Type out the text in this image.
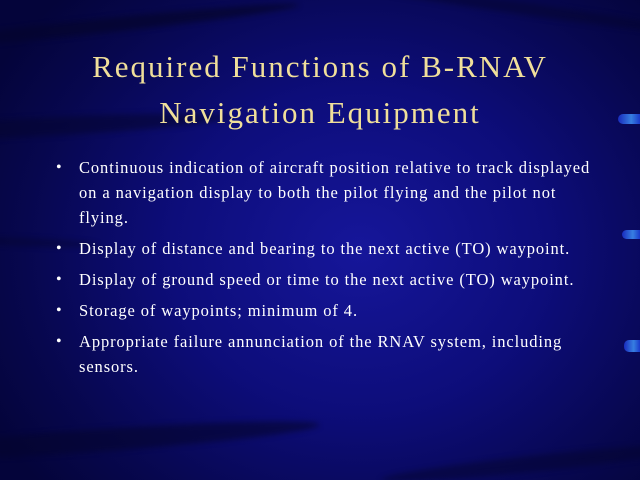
Required Functions of B-RNAV
Navigation Equipment
• Continuous indication of aircraft position relative to track displayed on a navigation display to both the pilot flying and the pilot not flying.
• Display of distance and bearing to the next active (TO) waypoint.
• Display of ground speed or time to the next active (TO) waypoint.
• Storage of waypoints; minimum of 4.
• Appropriate failure annunciation of the RNAV system, including sensors.
